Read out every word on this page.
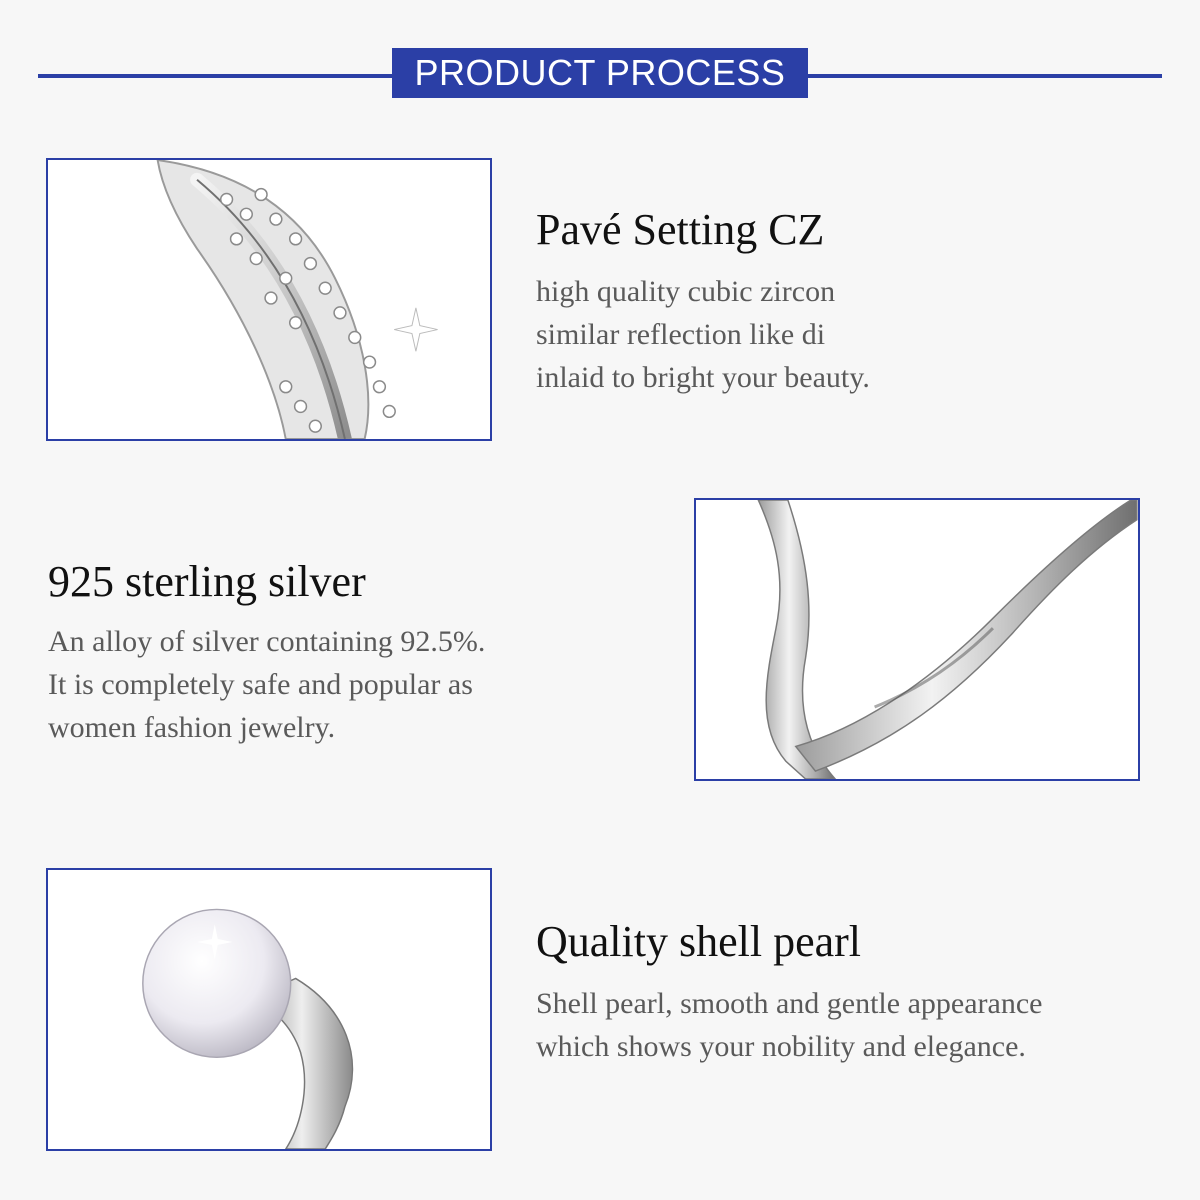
PRODUCT PROCESS
Pavé Setting CZ
high quality cubic zircon
similar reflection like di
inlaid to bright your beauty.
925 sterling silver
An alloy of silver containing 92.5%.
It is completely safe and popular as
women fashion jewelry.
Quality shell pearl
Shell pearl, smooth and gentle appearance
which shows your nobility and elegance.
